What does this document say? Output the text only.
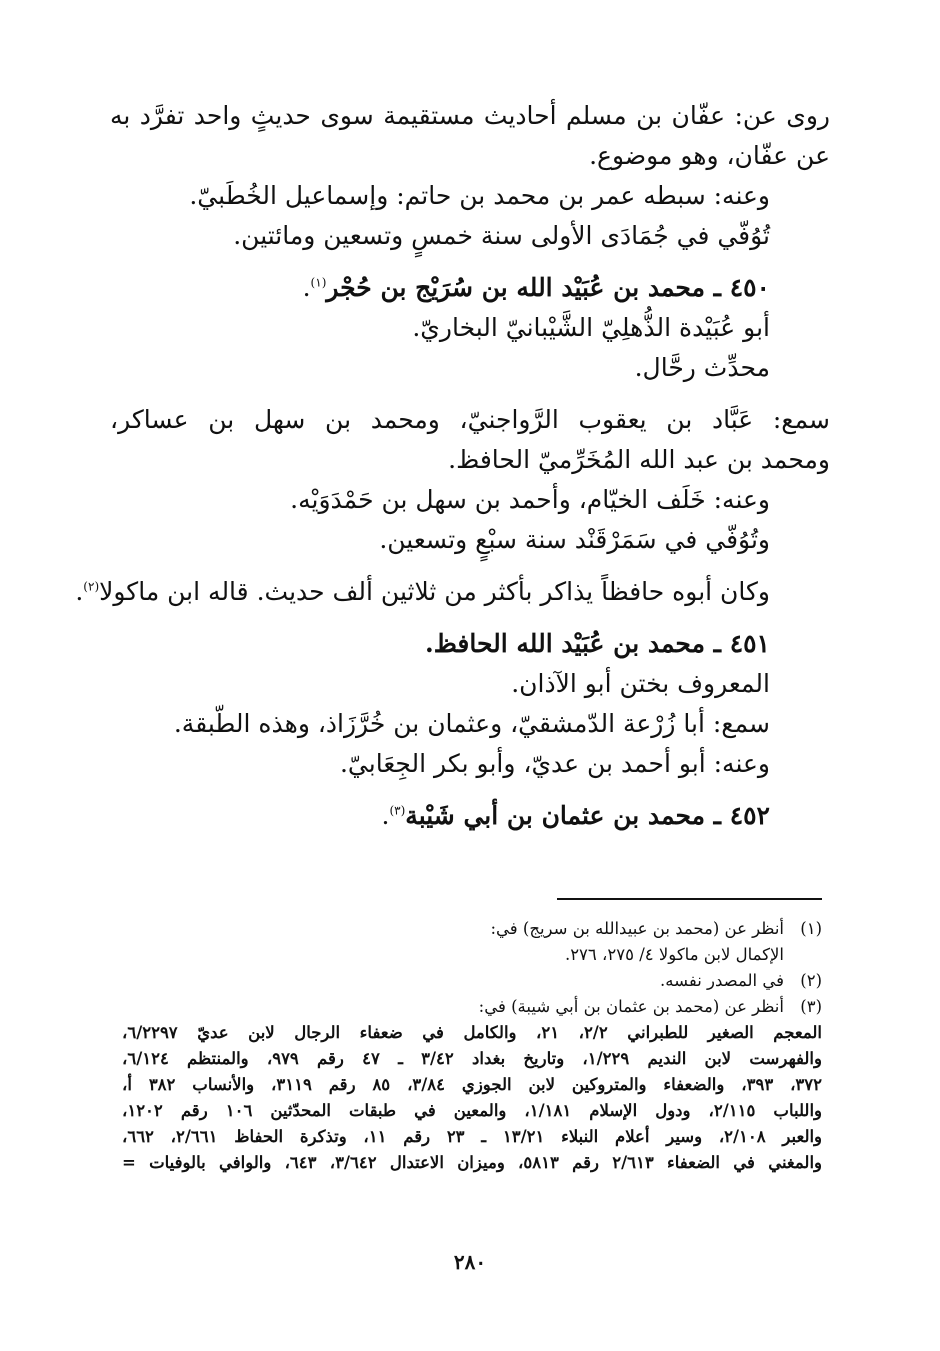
روى عن: عفّان بن مسلم أحاديث مستقيمة سوى حديثٍ واحد تفرَّد به
عن عفّان، وهو موضوع.
وعنه: سبطه عمر بن محمد بن حاتم: وإسماعيل الخُطَبيّ.
تُوُفّي في جُمَادَى الأولى سنة خمسٍ وتسعين ومائتين.
٤٥٠ ـ محمد بن عُبَيْد الله بن سُرَيْج بن حُجْر$^{(١)}$.
أبو عُبَيْدة الذُّهلِيّ الشَّيْبانيّ البخاريّ.
محدِّث رحَّال.
سمع: عَبَّاد بن يعقوب الرَّواجنيّ، ومحمد بن سهل بن عساكر،
ومحمد بن عبد الله المُخَرِّميّ الحافظ.
وعنه: خَلَف الخيّام، وأحمد بن سهل بن حَمْدَوَيْه.
وتُوُفّي في سَمَرْقَنْد سنة سبْعٍ وتسعين.
وكان أبوه حافظاً يذاكر بأكثر من ثلاثين ألف حديث. قاله ابن ماكولا$^{(٢)}$.
٤٥١ ـ محمد بن عُبَيْد الله الحافظ.
المعروف بختن أبو الآذان.
سمع: أبا زُرْعة الدّمشقيّ، وعثمان بن خُرَّزَاذ، وهذه الطّبقة.
وعنه: أبو أحمد بن عديّ، وأبو بكر الجِعَابيّ.
٤٥٢ ـ محمد بن عثمان بن أبي شَيْبة$^{(٣)}$.
(١)
أنظر عن (محمد بن عبيدالله بن سريج) في:
الإكمال لابن ماكولا ٤/ ٢٧٥، ٢٧٦.
(٢)
في المصدر نفسه.
(٣)
أنظر عن (محمد بن عثمان بن أبي شيبة) في:
المعجم الصغير للطبراني ٢/٢، ٢١، والكامل في ضعفاء الرجال لابن عديّ ٦/٢٢٩٧،
والفهرست لابن النديم ١/٢٢٩، وتاريخ بغداد ٣/٤٢ ـ ٤٧ رقم ٩٧٩، والمنتظم ٦/١٢٤،
٣٧٢، ٣٩٣، والضعفاء والمتروكين لابن الجوزي ٣/٨٤، ٨٥ رقم ٣١١٩، والأنساب ٣٨٢ أ،
واللباب ٢/١١٥، ودول الإسلام ١/١٨١، والمعين في طبقات المحدّثين ١٠٦ رقم ١٢٠٢،
والعبر ٢/١٠٨، وسير أعلام النبلاء ١٣/٢١ ـ ٢٣ رقم ١١، وتذكرة الحفاظ ٢/٦٦١، ٦٦٢،
والمغني في الضعفاء ٢/٦١٣ رقم ٥٨١٣، وميزان الاعتدال ٣/٦٤٢، ٦٤٣، والوافي بالوفيات =
٢٨٠
